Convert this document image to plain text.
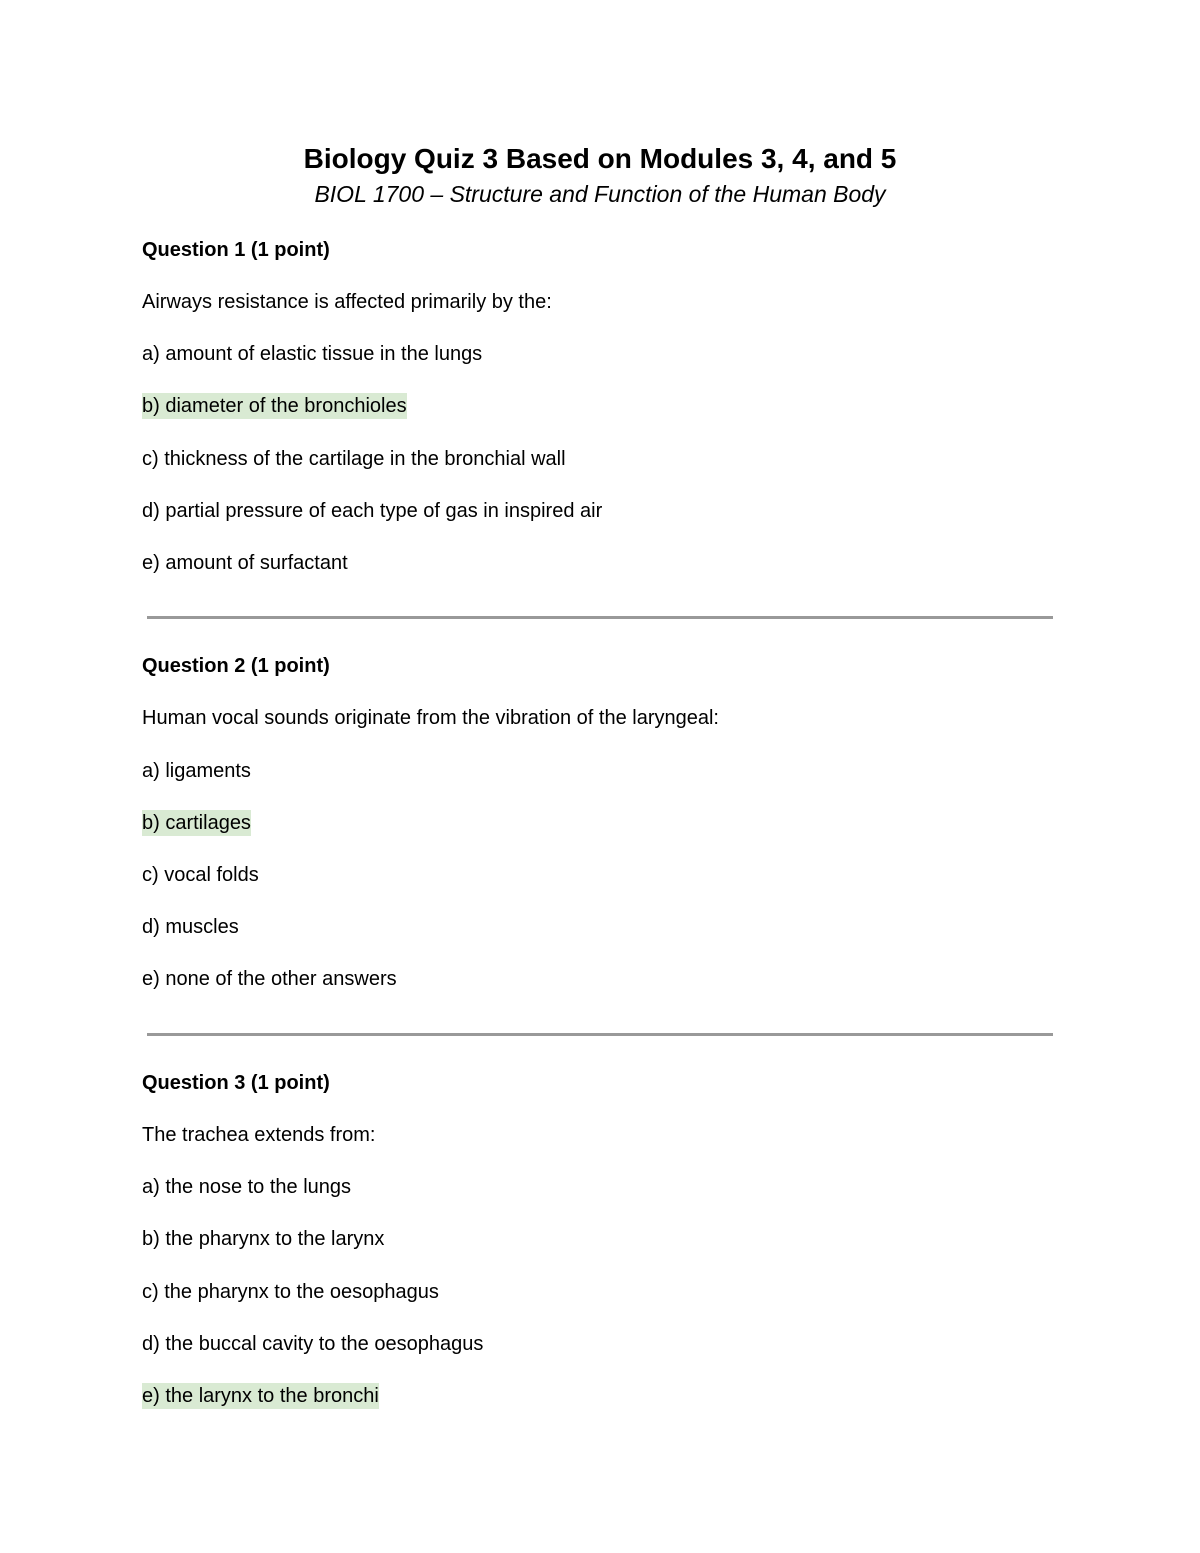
Biology Quiz 3 Based on Modules 3, 4, and 5
BIOL 1700 – Structure and Function of the Human Body
Question 1 (1 point)
Airways resistance is affected primarily by the:
a) amount of elastic tissue in the lungs
b) diameter of the bronchioles
c) thickness of the cartilage in the bronchial wall
d) partial pressure of each type of gas in inspired air
e) amount of surfactant
Question 2 (1 point)
Human vocal sounds originate from the vibration of the laryngeal:
a) ligaments
b) cartilages
c) vocal folds
d) muscles
e) none of the other answers
Question 3 (1 point)
The trachea extends from:
a) the nose to the lungs
b) the pharynx to the larynx
c) the pharynx to the oesophagus
d) the buccal cavity to the oesophagus
e) the larynx to the bronchi
